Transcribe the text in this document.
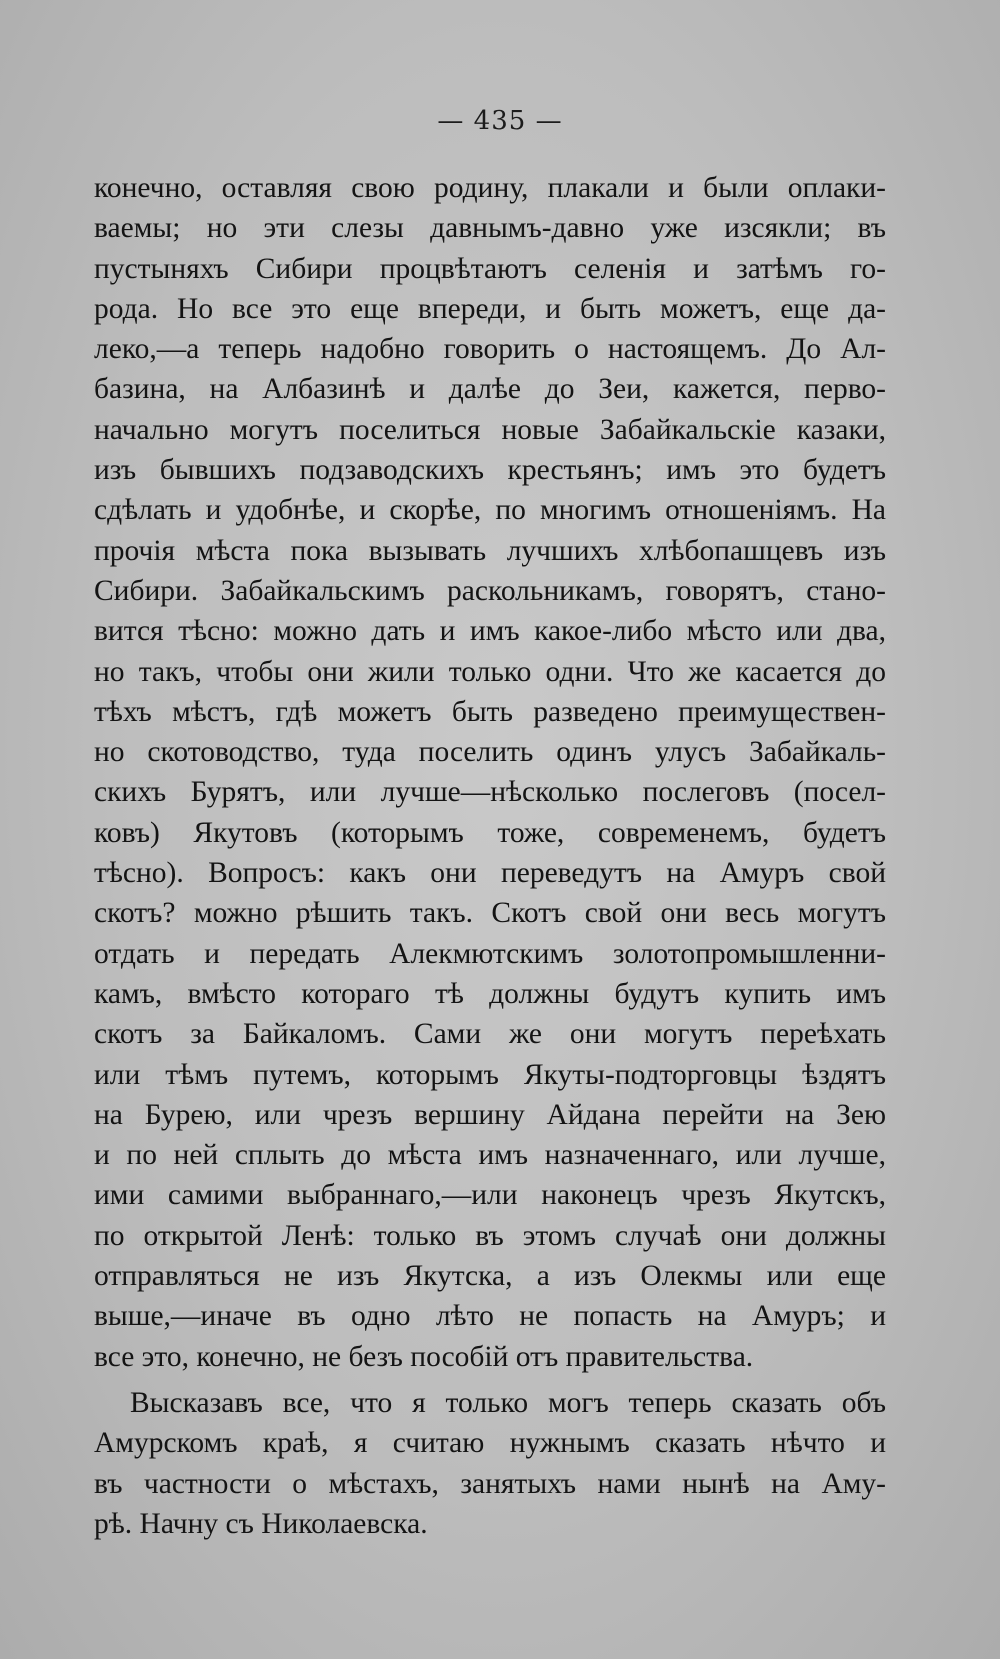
— 435 —
конечно, оставляя свою родину, плакали и были оплаки-
ваемы; но эти слезы давнымъ-давно уже изсякли; въ
пустыняхъ Сибири процвѣтаютъ селенія и затѣмъ го-
рода. Но все это еще впереди, и быть можетъ, еще да-
леко,—а теперь надобно говорить о настоящемъ. До Ал-
базина, на Албазинѣ и далѣе до Зеи, кажется, перво-
начально могутъ поселиться новые Забайкальскіе казаки,
изъ бывшихъ подзаводскихъ крестьянъ; имъ это будетъ
сдѣлать и удобнѣе, и скорѣе, по многимъ отношеніямъ. На
прочія мѣста пока вызывать лучшихъ хлѣбопашцевъ изъ
Сибири. Забайкальскимъ раскольникамъ, говорятъ, стано-
вится тѣсно: можно дать и имъ какое-либо мѣсто или два,
но такъ, чтобы они жили только одни. Что же касается до
тѣхъ мѣстъ, гдѣ можетъ быть разведено преимуществен-
но скотоводство, туда поселить одинъ улусъ Забайкаль-
скихъ Бурятъ, или лучше—нѣсколько послеговъ (посел-
ковъ) Якутовъ (которымъ тоже, современемъ, будетъ
тѣсно). Вопросъ: какъ они переведутъ на Амуръ свой
скотъ? можно рѣшить такъ. Скотъ свой они весь могутъ
отдать и передать Алекмютскимъ золотопромышленни-
камъ, вмѣсто котораго тѣ должны будутъ купить имъ
скотъ за Байкаломъ. Сами же они могутъ переѣхать
или тѣмъ путемъ, которымъ Якуты-подторговцы ѣздятъ
на Бурею, или чрезъ вершину Айдана перейти на Зею
и по ней сплыть до мѣста имъ назначеннаго, или лучше,
ими самими выбраннаго,—или наконецъ чрезъ Якутскъ,
по открытой Ленѣ: только въ этомъ случаѣ они должны
отправляться не изъ Якутска, а изъ Олекмы или еще
выше,—иначе въ одно лѣто не попасть на Амуръ; и
все это, конечно, не безъ пособій отъ правительства.
Высказавъ все, что я только могъ теперь сказать объ
Амурскомъ краѣ, я считаю нужнымъ сказать нѣчто и
въ частности о мѣстахъ, занятыхъ нами нынѣ на Аму-
рѣ. Начну съ Николаевска.
